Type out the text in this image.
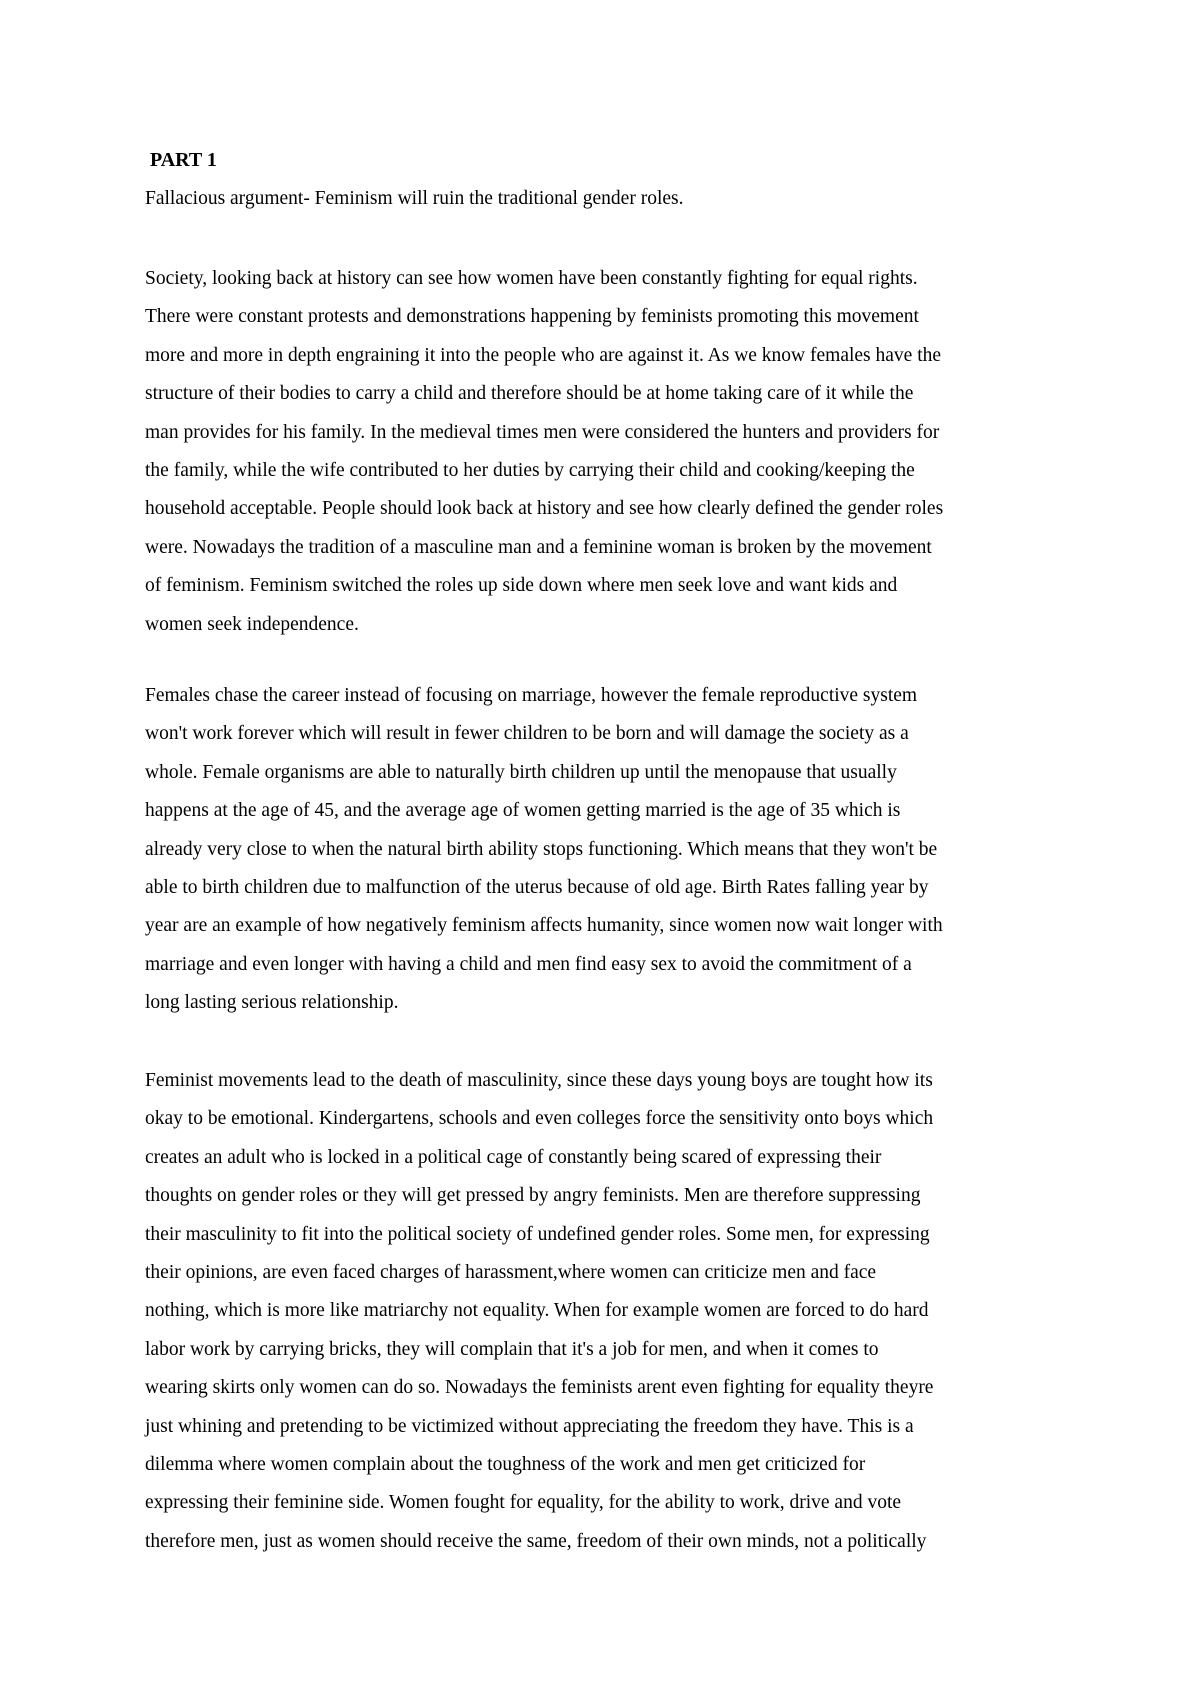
PART 1

Fallacious argument- Feminism will ruin the traditional gender roles.

Society, looking back at history can see how women have been constantly fighting for equal rights.
There were constant protests and demonstrations happening by feminists promoting this movement
more and more in depth engraining it into the people who are against it. As we know females have the
structure of their bodies to carry a child and therefore should be at home taking care of it while the
man provides for his family. In the medieval times men were considered the hunters and providers for
the family, while the wife contributed to her duties by carrying their child and cooking/keeping the
household acceptable. People should look back at history and see how clearly defined the gender roles
were. Nowadays the tradition of a masculine man and a feminine woman is broken by the movement
of feminism. Feminism switched the roles up side down where men seek love and want kids and
women seek independence.
Females chase the career instead of focusing on marriage, however the female reproductive system
won't work forever which will result in fewer children to be born and will damage the society as a
whole. Female organisms are able to naturally birth children up until the menopause that usually
happens at the age of 45, and the average age of women getting married is the age of 35 which is
already very close to when the natural birth ability stops functioning. Which means that they won't be
able to birth children due to malfunction of the uterus because of old age. Birth Rates falling year by
year are an example of how negatively feminism affects humanity, since women now wait longer with
marriage and even longer with having a child and men find easy sex to avoid the commitment of a
long lasting serious relationship.
Feminist movements lead to the death of masculinity, since these days young boys are tought how its
okay to be emotional. Kindergartens, schools and even colleges force the sensitivity onto boys which
creates an adult who is locked in a political cage of constantly being scared of expressing their
thoughts on gender roles or they will get pressed by angry feminists. Men are therefore suppressing
their masculinity to fit into the political society of undefined gender roles. Some men, for expressing
their opinions, are even faced charges of harassment,where women can criticize men and face
nothing, which is more like matriarchy not equality. When for example women are forced to do hard
labor work by carrying bricks, they will complain that it's a job for men, and when it comes to
wearing skirts only women can do so. Nowadays the feminists arent even fighting for equality theyre
just whining and pretending to be victimized without appreciating the freedom they have. This is a
dilemma where women complain about the toughness of the work and men get criticized for
expressing their feminine side. Women fought for equality, for the ability to work, drive and vote
therefore men, just as women should receive the same, freedom of their own minds, not a politically
